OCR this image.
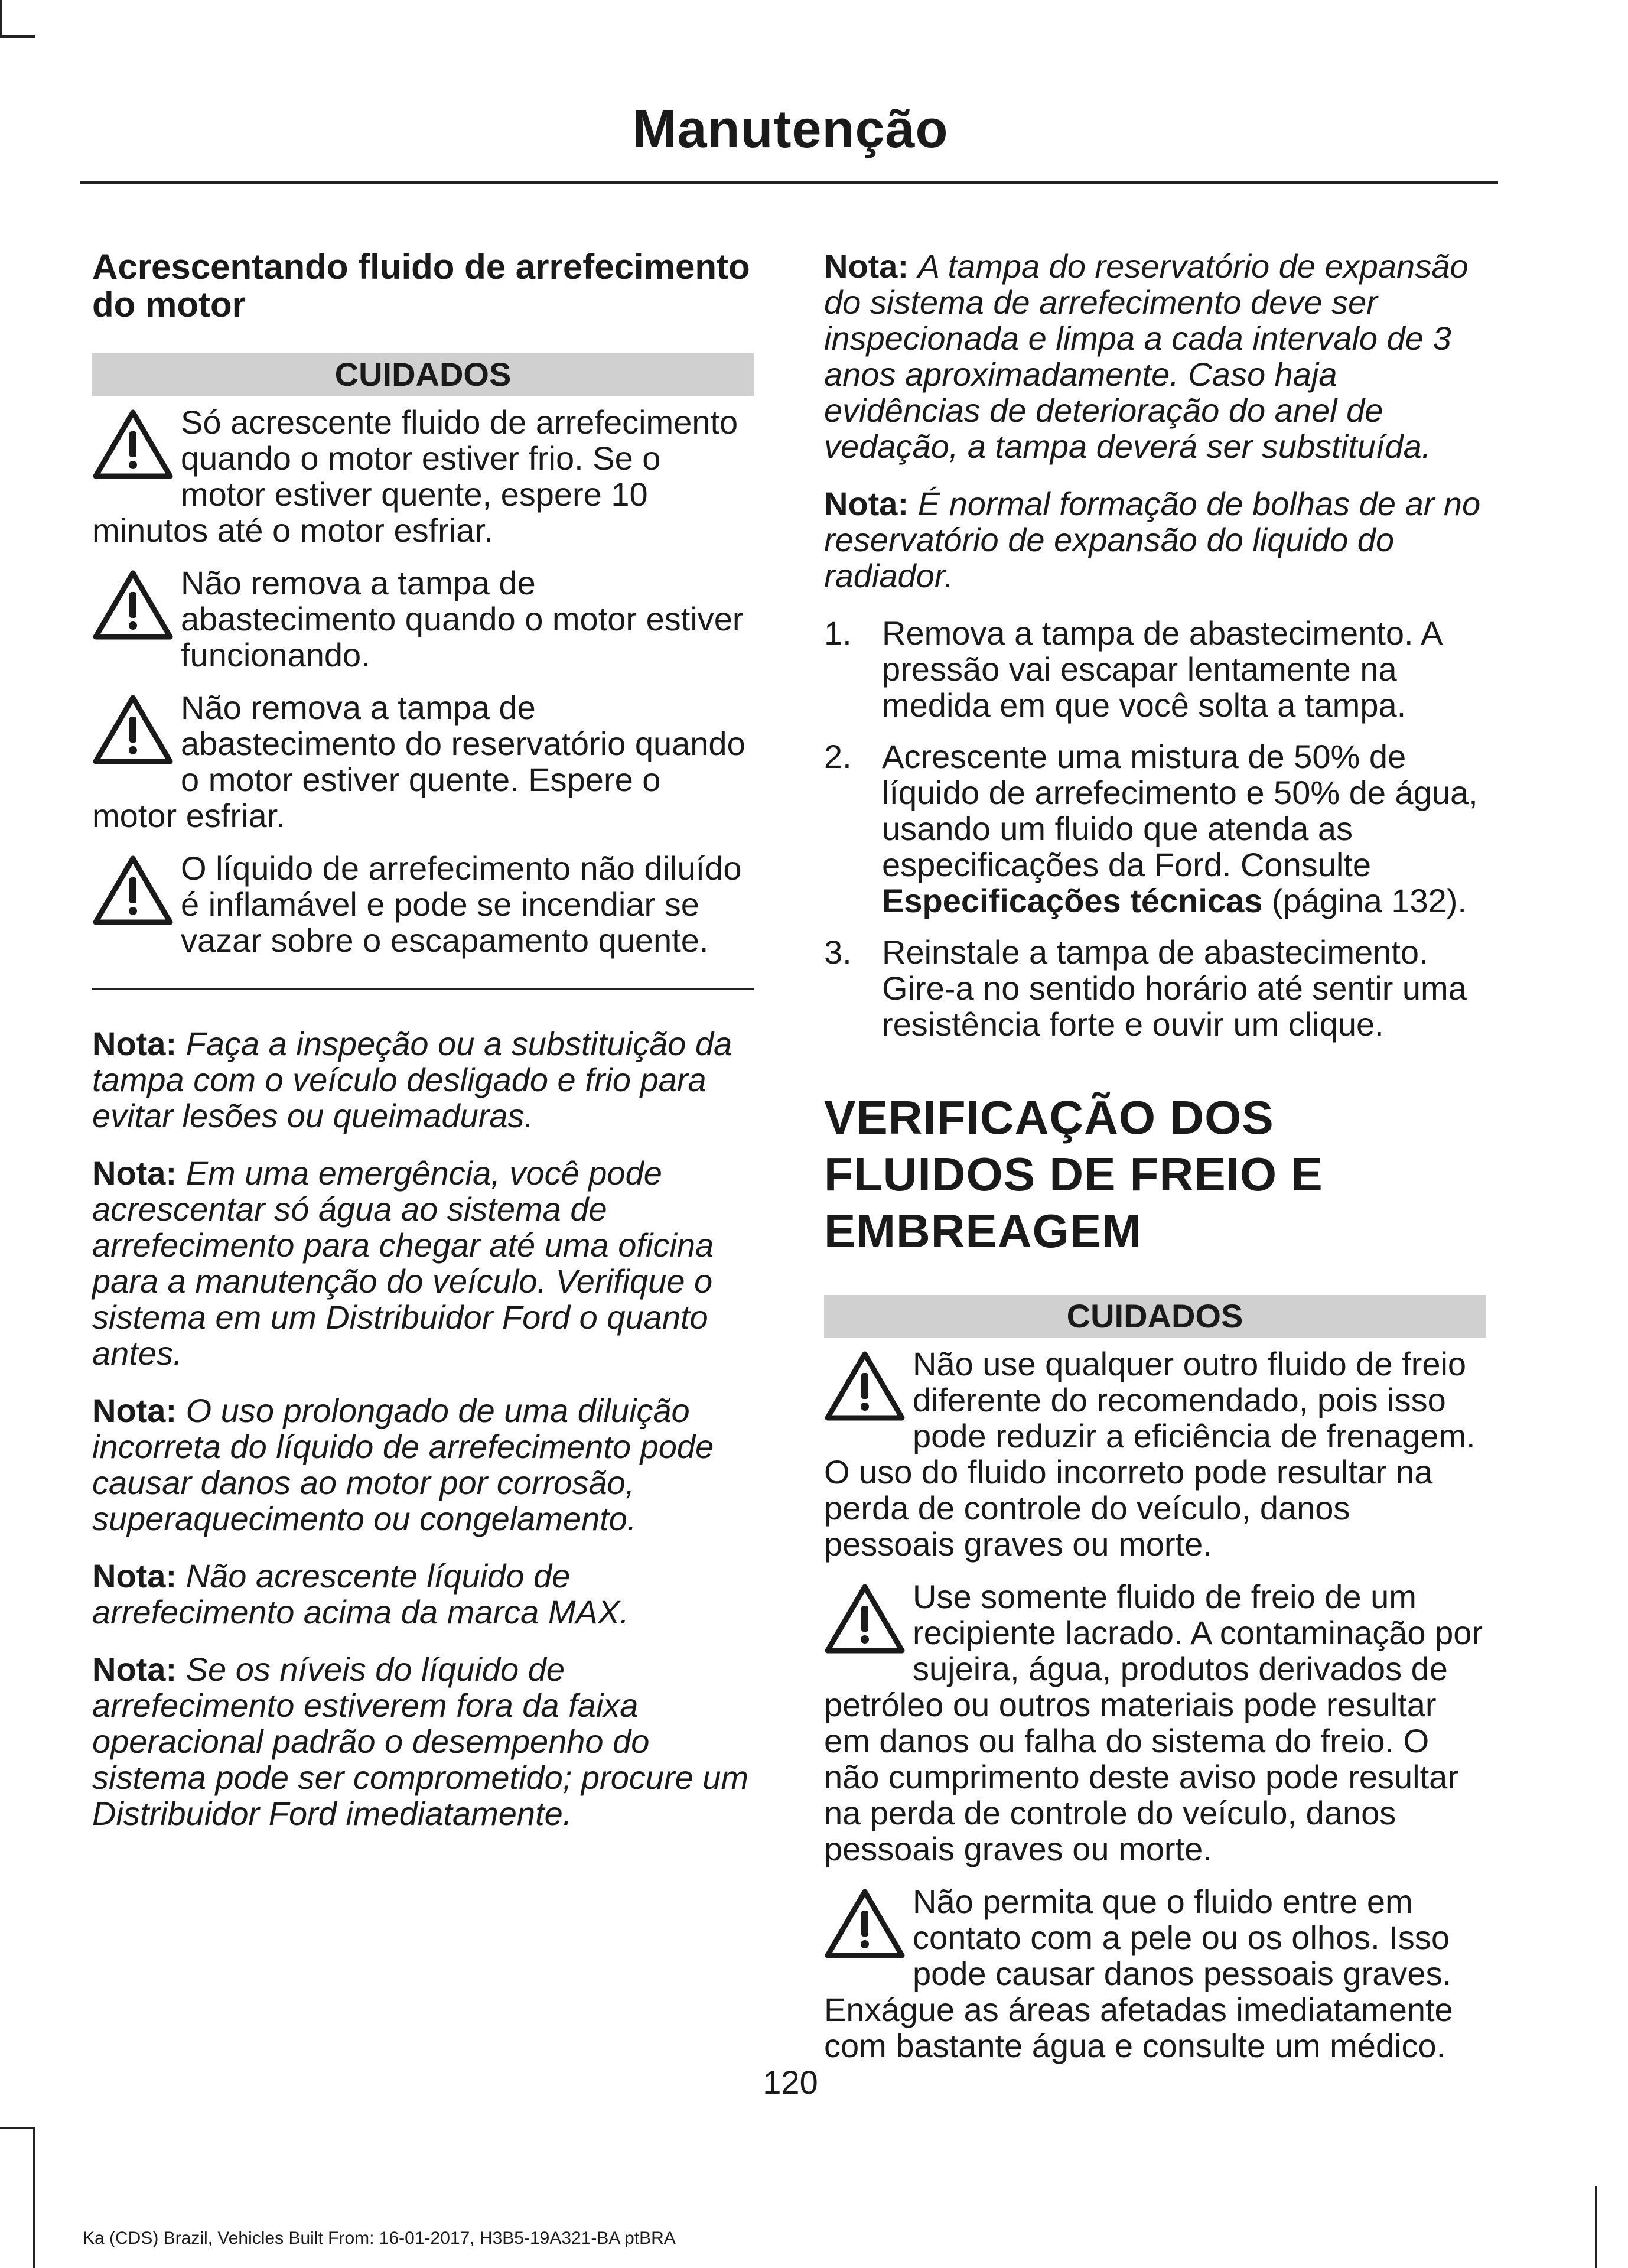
Manutenção
Acrescentando fluido de arrefecimento do motor
CUIDADOS
Só acrescente fluido de arrefecimento quando o motor estiver frio. Se o motor estiver quente, espere 10 minutos até o motor esfriar.
Não remova a tampa de abastecimento quando o motor estiver funcionando.
Não remova a tampa de abastecimento do reservatório quando o motor estiver quente. Espere o motor esfriar.
O líquido de arrefecimento não diluído é inflamável e pode se incendiar se vazar sobre o escapamento quente.

Nota: Faça a inspeção ou a substituição da tampa com o veículo desligado e frio para evitar lesões ou queimaduras.

Nota: Em uma emergência, você pode acrescentar só água ao sistema de arrefecimento para chegar até uma oficina para a manutenção do veículo. Verifique o sistema em um Distribuidor Ford o quanto antes.

Nota: O uso prolongado de uma diluição incorreta do líquido de arrefecimento pode causar danos ao motor por corrosão, superaquecimento ou congelamento.

Nota: Não acrescente líquido de arrefecimento acima da marca MAX.

Nota: Se os níveis do líquido de arrefecimento estiverem fora da faixa operacional padrão o desempenho do sistema pode ser comprometido; procure um Distribuidor Ford imediatamente.

Nota: A tampa do reservatório de expansão do sistema de arrefecimento deve ser inspecionada e limpa a cada intervalo de 3 anos aproximadamente. Caso haja evidências de deterioração do anel de vedação, a tampa deverá ser substituída.

Nota: É normal formação de bolhas de ar no reservatório de expansão do liquido do radiador.

1. Remova a tampa de abastecimento. A pressão vai escapar lentamente na medida em que você solta a tampa.
2. Acrescente uma mistura de 50% de líquido de arrefecimento e 50% de água, usando um fluido que atenda as especificações da Ford. Consulte Especificações técnicas (página 132).
3. Reinstale a tampa de abastecimento. Gire-a no sentido horário até sentir uma resistência forte e ouvir um clique.
VERIFICAÇÃO DOS FLUIDOS DE FREIO E EMBREAGEM
CUIDADOS
Não use qualquer outro fluido de freio diferente do recomendado, pois isso pode reduzir a eficiência de frenagem. O uso do fluido incorreto pode resultar na perda de controle do veículo, danos pessoais graves ou morte.
Use somente fluido de freio de um recipiente lacrado. A contaminação por sujeira, água, produtos derivados de petróleo ou outros materiais pode resultar em danos ou falha do sistema do freio. O não cumprimento deste aviso pode resultar na perda de controle do veículo, danos pessoais graves ou morte.
Não permita que o fluido entre em contato com a pele ou os olhos. Isso pode causar danos pessoais graves. Enxágue as áreas afetadas imediatamente com bastante água e consulte um médico.
120
Ka (CDS) Brazil, Vehicles Built From: 16-01-2017, H3B5-19A321-BA ptBRA
